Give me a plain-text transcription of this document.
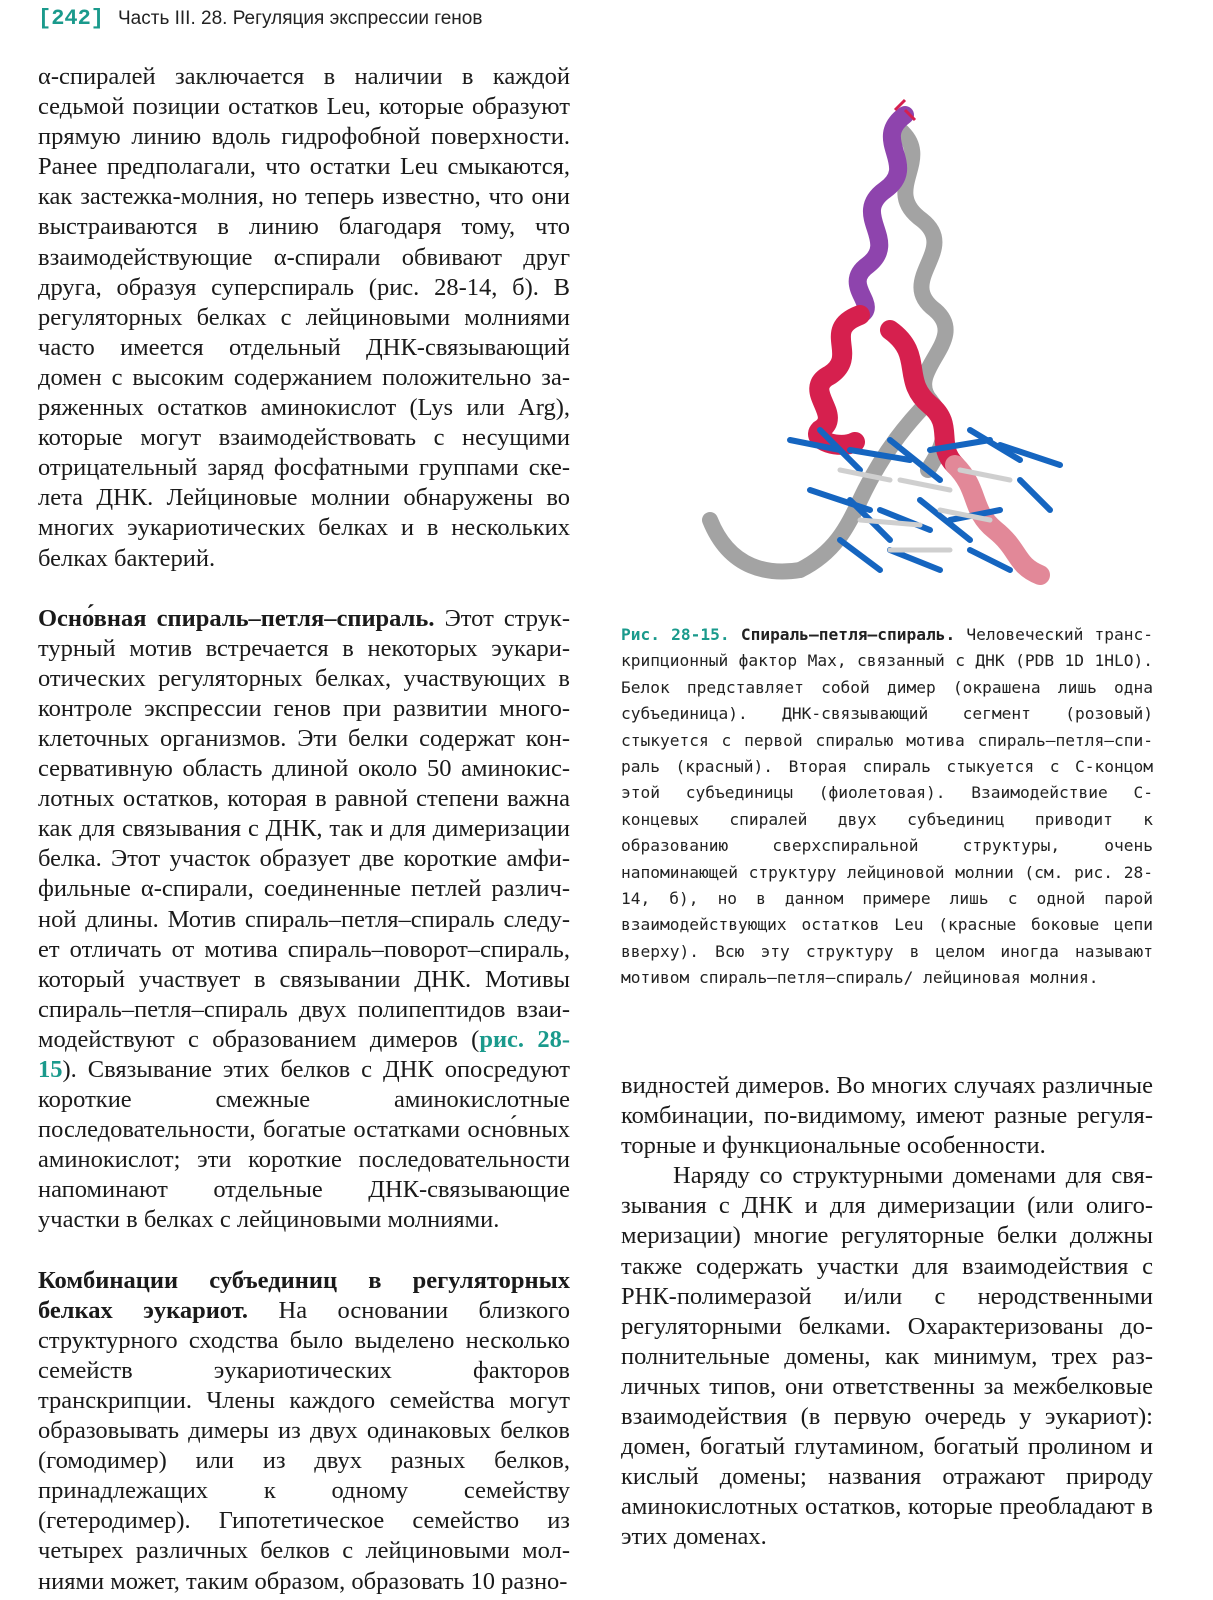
[242] Часть III. 28. Регуляция экспрессии генов

α-спиралей заключается в наличии в каждой седьмой позиции остатков Leu, которые образуют прямую линию вдоль гидрофобной поверхности. Ранее предполагали, что остатки Leu смыкаются, как застежка-молния, но теперь известно, что они выстраиваются в линию благодаря тому, что взаимодействующие α-спирали обвивают друг друга, образуя суперспираль (рис. 28-14, б). В регуляторных белках с лейциновыми молниями часто имеется отдельный ДНК-связывающий домен с высоким содержанием положительно заряженных остатков аминокислот (Lys или Arg), которые могут взаимодействовать с несущими отрицательный заряд фосфатными группами скелета ДНК. Лейциновые молнии обнаружены во многих эукариотических белках и в нескольких белках бактерий.

Осно́вная спираль–петля–спираль. Этот структурный мотив встречается в некоторых эукариотических регуляторных белках, участвующих в контроле экспрессии генов при развитии многоклеточных организмов. Эти белки содержат консервативную область длиной около 50 аминокислотных остатков, которая в равной степени важна как для связывания с ДНК, так и для димеризации белка. Этот участок образует две короткие амфифильные α-спирали, соединенные петлей различной длины. Мотив спираль–петля–спираль следует отличать от мотива спираль–поворот–спираль, который участвует в связывании ДНК. Мотивы спираль–петля–спираль двух полипептидов взаимодействуют с образованием димеров (рис. 28-15). Связывание этих белков с ДНК опосредуют короткие смежные аминокислотные последовательности, богатые остатками осно́вных аминокислот; эти короткие последовательности напоминают отдельные ДНК-связывающие участки в белках с лейциновыми молниями.

Комбинации субъединиц в регуляторных белках эукариот. На основании близкого структурного сходства было выделено несколько семейств эукариотических факторов транскрипции. Члены каждого семейства могут образовывать димеры из двух одинаковых белков (гомодимер) или из двух разных белков, принадлежащих к одному семейству (гетеродимер). Гипотетическое семейство из четырех различных белков с лейциновыми молниями может, таким образом, образовать 10 разно-

Рис. 28-15. Спираль–петля–спираль. Человеческий транскрипционный фактор Max, связанный с ДНК (PDB 1D 1HLO). Белок представляет собой димер (окрашена лишь одна субъединица). ДНК-связывающий сегмент (розовый) стыкуется с первой спиралью мотива спираль–петля–спираль (красный). Вторая спираль стыкуется с С-концом этой субъединицы (фиолетовая). Взаимодействие С-концевых спиралей двух субъединиц приводит к образованию сверхспиральной структуры, очень напоминающей структуру лейциновой молнии (см. рис. 28-14, б), но в данном примере лишь с одной парой взаимодействующих остатков Leu (красные боковые цепи вверху). Всю эту структуру в целом иногда называют мотивом спираль–петля–спираль/ лейциновая молния.

видностей димеров. Во многих случаях различные комбинации, по-видимому, имеют разные регуляторные и функциональные особенности.

Наряду со структурными доменами для связывания с ДНК и для димеризации (или олигомеризации) многие регуляторные белки должны также содержать участки для взаимодействия с РНК-полимеразой и/или с неродственными регуляторными белками. Охарактеризованы дополнительные домены, как минимум, трех различных типов, они ответственны за межбелковые взаимодействия (в первую очередь у эукариот): домен, богатый глутамином, богатый пролином и кислый домены; названия отражают природу аминокислотных остатков, которые преобладают в этих доменах.
